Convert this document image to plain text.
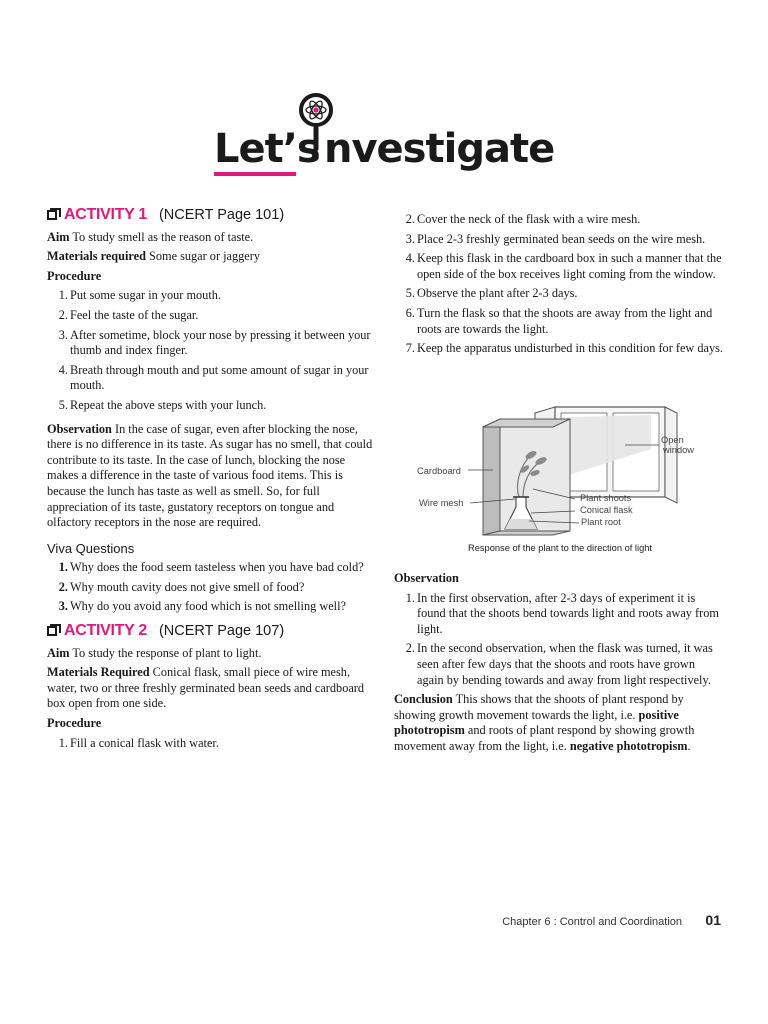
Let’s nvestigate
ACTIVITY 1 (NCERT Page 101)

Aim To study smell as the reason of taste.

Materials required Some sugar or jaggery

Procedure

1. Put some sugar in your mouth.
2. Feel the taste of the sugar.
3. After sometime, block your nose by pressing it between your thumb and index finger.
4. Breath through mouth and put some amount of sugar in your mouth.
5. Repeat the above steps with your lunch.

Observation In the case of sugar, even after blocking the nose, there is no difference in its taste. As sugar has no smell, that could contribute to its taste. In the case of lunch, blocking the nose makes a difference in the taste of various food items. This is because the lunch has taste as well as smell. So, for full appreciation of its taste, gustatory receptors on tongue and olfactory receptors in the nose are required.

Viva Questions

1. Why does the food seem tasteless when you have bad cold?
2. Why mouth cavity does not give smell of food?
3. Why do you avoid any food which is not smelling well?
ACTIVITY 2 (NCERT Page 107)

Aim To study the response of plant to light.

Materials Required Conical flask, small piece of wire mesh, water, two or three freshly germinated bean seeds and cardboard box open from one side.

Procedure

1. Fill a conical flask with water.
2. Cover the neck of the flask with a wire mesh.
3. Place 2-3 freshly germinated bean seeds on the wire mesh.
4. Keep this flask in the cardboard box in such a manner that the open side of the box receives light coming from the window.
5. Observe the plant after 2-3 days.
6. Turn the flask so that the shoots are away from the light and roots are towards the light.
7. Keep the apparatus undisturbed in this condition for few days.
Open
window
Cardboard
Wire mesh	Plant shoots
Conical flask
Plant root
Response of the plant to the direction of light

Observation

1. In the first observation, after 2-3 days of experiment it is found that the shoots bend towards light and roots away from light.
2. In the second observation, when the flask was turned, it was seen after few days that the shoots and roots have grown again by bending towards and away from light respectively.

Conclusion This shows that the shoots of plant respond by showing growth movement towards the light, i.e. positive phototropism and roots of plant respond by showing growth movement away from the light, i.e. negative phototropism.

Chapter 6 : Control and Coordination 01
